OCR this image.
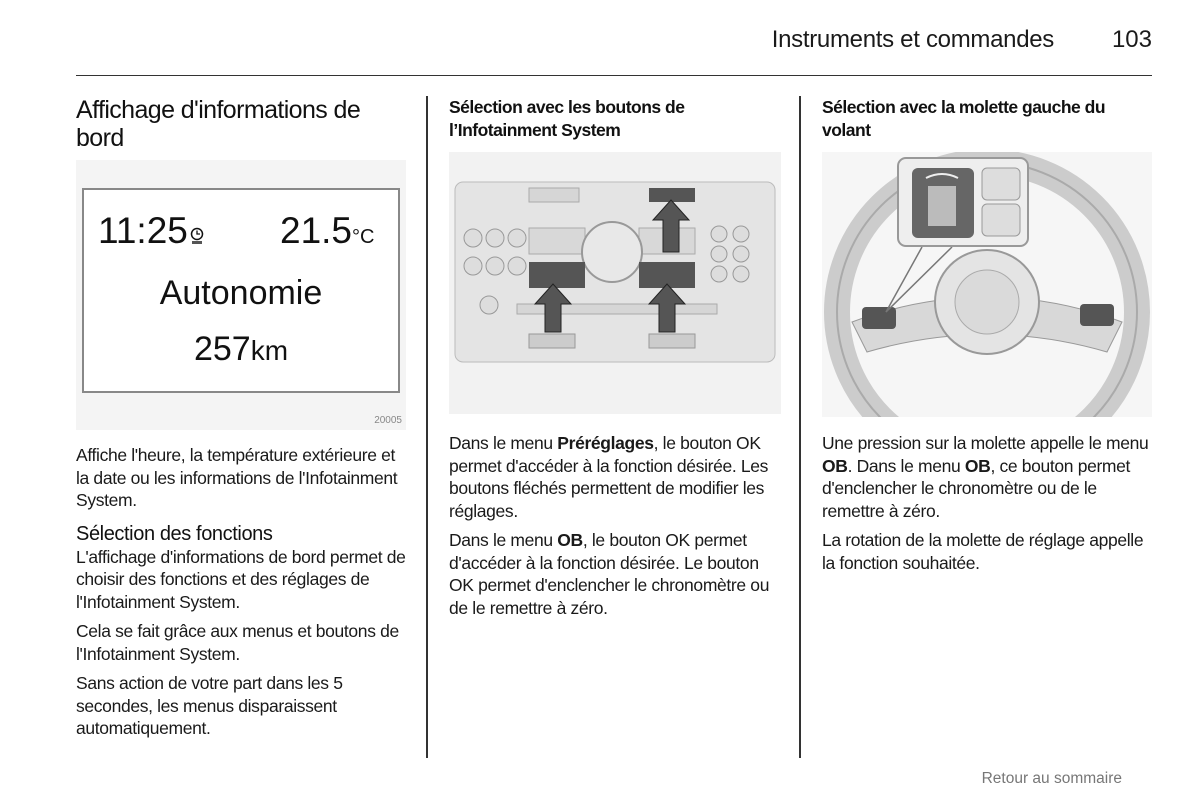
Instruments et commandes 103
Affichage d'informations de bord
11:25	21.5°C
Autonomie
257km
20005

Affiche l'heure, la température extérieure et la date ou les informations de l'Infotainment System.

Sélection des fonctions

L'affichage d'informations de bord permet de choisir des fonctions et des réglages de l'Infotainment System.

Cela se fait grâce aux menus et boutons de l'Infotainment System.

Sans action de votre part dans les 5 secondes, les menus disparaissent automatiquement.

Sélection avec les boutons de l’Infotainment System

Dans le menu Préréglages, le bouton OK permet d'accéder à la fonction désirée. Les boutons fléchés permettent de modifier les réglages.

Dans le menu OB, le bouton OK permet d'accéder à la fonction désirée. Le bouton OK permet d'enclencher le chronomètre ou de le remettre à zéro.

Sélection avec la molette gauche du volant

Une pression sur la molette appelle le menu OB. Dans le menu OB, ce bouton permet d'enclencher le chronomètre ou de le remettre à zéro.

La rotation de la molette de réglage appelle la fonction souhaitée.

Retour au sommaire
